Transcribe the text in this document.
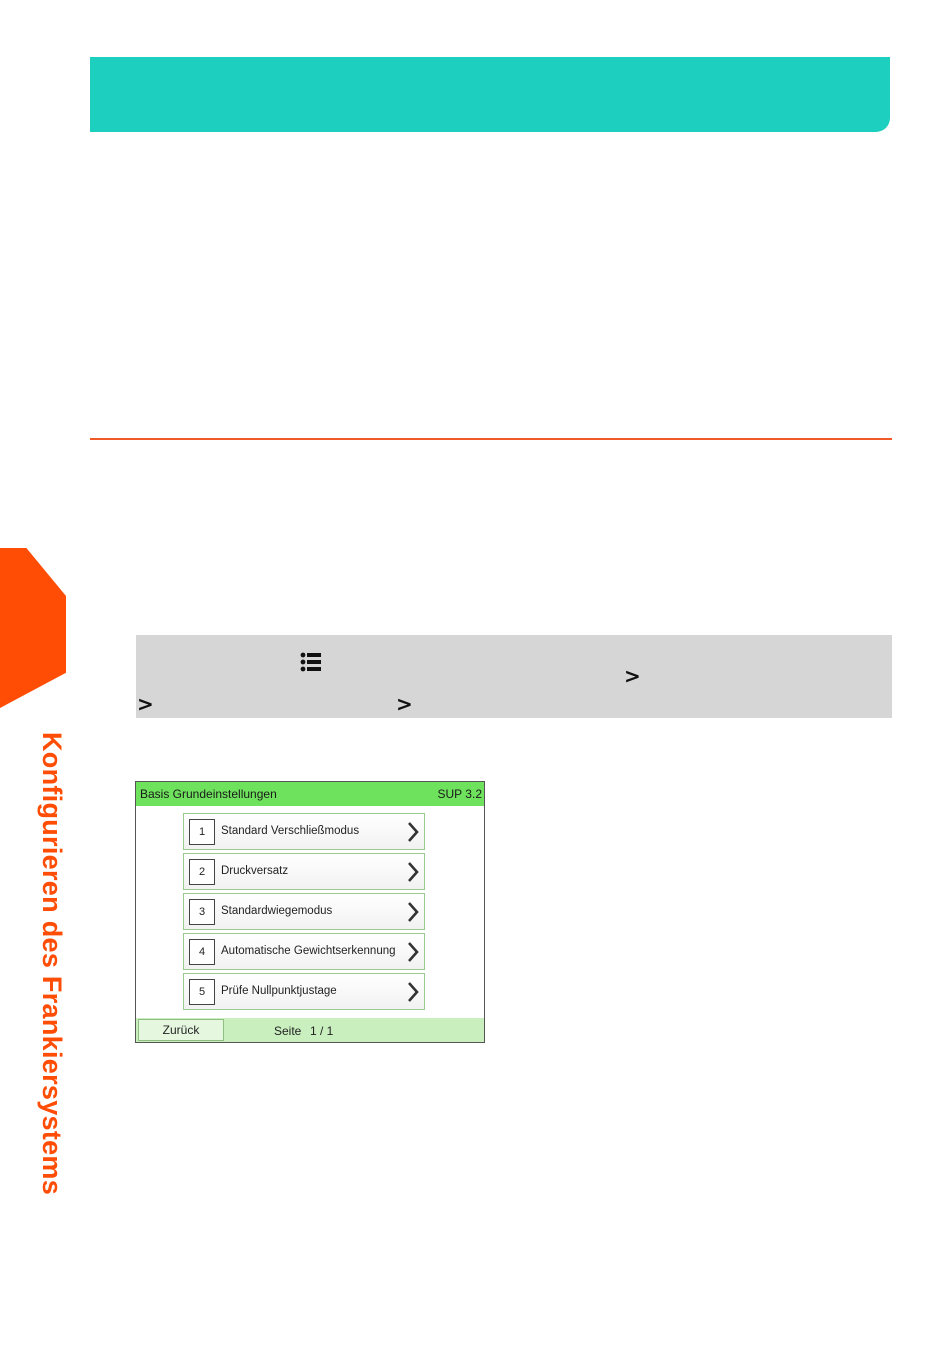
Konfigurieren des Frankiersystems
>
>	>
Basis Grundeinstellungen	SUP 3.2
1	Standard Verschließmodus
2	Druckversatz
3	Standardwiegemodus
4	Automatische Gewichtserkennung
5	Prüfe Nullpunktjustage
Zurück	Seite 1 / 1
